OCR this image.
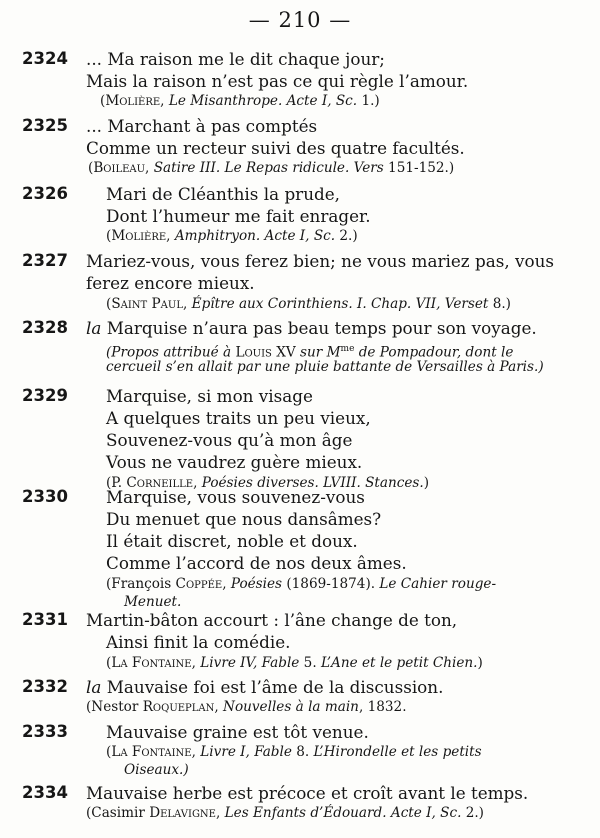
— 210 —
2324 ... Ma raison me le dit chaque jour;
Mais la raison n’est pas ce qui règle l’amour.
(Molière, Le Misanthrope. Acte I, Sc. 1.)
2325 ... Marchant à pas comptés
Comme un recteur suivi des quatre facultés.
(Boileau, Satire III. Le Repas ridicule. Vers 151-152.)
2326 Mari de Cléanthis la prude,
Dont l’humeur me fait enrager.
(Molière, Amphitryon. Acte I, Sc. 2.)
2327 Mariez-vous, vous ferez bien; ne vous mariez pas, vous
ferez encore mieux.
(Saint Paul, Épître aux Corinthiens. I. Chap. VII, Verset 8.)
2328 la Marquise n’aura pas beau temps pour son voyage.
(Propos attribué à Louis XV sur $M^{me}$ de Pompadour, dont le
cercueil s’en allait par une pluie battante de Versailles à Paris.)
2329 Marquise, si mon visage
A quelques traits un peu vieux,
Souvenez-vous qu’à mon âge
Vous ne vaudrez guère mieux.
(P. Corneille, Poésies diverses. LVIII. Stances.)
2330 Marquise, vous souvenez-vous
Du menuet que nous dansâmes?
Il était discret, noble et doux.
Comme l’accord de nos deux âmes.
(François Coppée, Poésies (1869-1874). Le Cahier rouge-
Menuet.
2331 Martin-bâton accourt : l’âne change de ton,
Ainsi finit la comédie.
(La Fontaine, Livre IV, Fable 5. L’Ane et le petit Chien.)
2332 la Mauvaise foi est l’âme de la discussion.
(Nestor Roqueplan, Nouvelles à la main, 1832.
2333 Mauvaise graine est tôt venue.
(La Fontaine, Livre I, Fable 8. L’Hirondelle et les petits
Oiseaux.)
2334 Mauvaise herbe est précoce et croît avant le temps.
(Casimir Delavigne, Les Enfants d’Édouard. Acte I, Sc. 2.)
